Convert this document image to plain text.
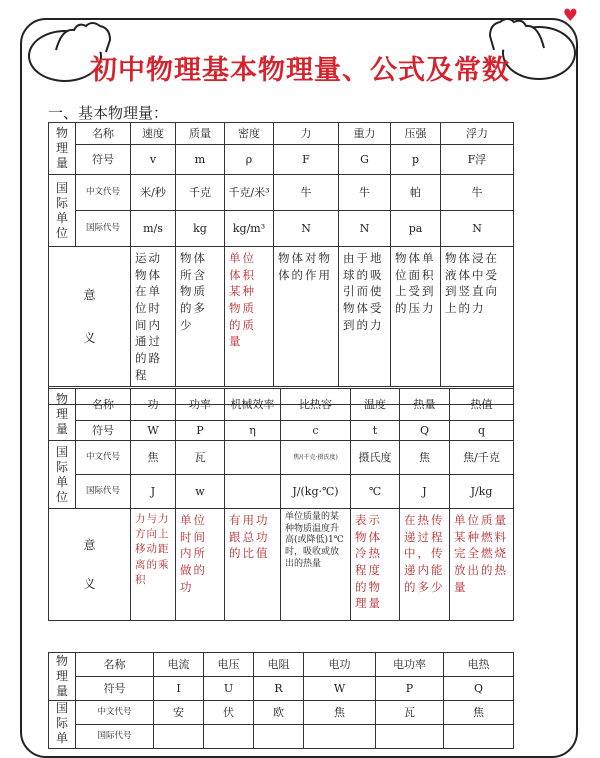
♥
初中物理基本物理量、公式及常数
一、基本物理量：
物
理
量	名称	速度	质量	密度	力	重力	压强	浮力
	符号	v	m	ρ	F	G	p	F浮
国
际
单
位	中文代号	米/秒	千克	千克/米³	牛	牛	帕	牛
	国际代号	m/s	kg	kg/m³	N	N	pa	N
意
义		运动物体在单位时间内通过的路程	物体所含物质的多少	单位体积某种物质的质量	物体对物体的作用	由于地球的吸引而使物体受到的力	物体单位面积上受到的压力	物体浸在液体中受到竖直向上的力

物
理
量	名称	功	功率	机械效率	比热容	温度	热量	热值
	符号	W	P	η	c	t	Q	q
国
际
单
位	中文代号	焦	瓦		焦/(千克·摄氏度)	摄氏度	焦	焦/千克
	国际代号	J	w		J/(kg·℃)	℃	J	J/kg
意
义		力与力方向上移动距离的乘积	单位时间内所做的功	有用功跟总功的比值	单位质量的某种物质温度升高(或降低)1℃时，吸收或放出的热量	表示物体冷热程度的物理量	在热传递过程中，传递内能的多少	单位质量某种燃料完全燃烧放出的热量
物
理
量	名称	电流	电压	电阻	电功	电功率	电热
	符号	I	U	R	W	P	Q
国
际
单	中文代号	安	伏	欧	焦	瓦	焦
	国际代号						
